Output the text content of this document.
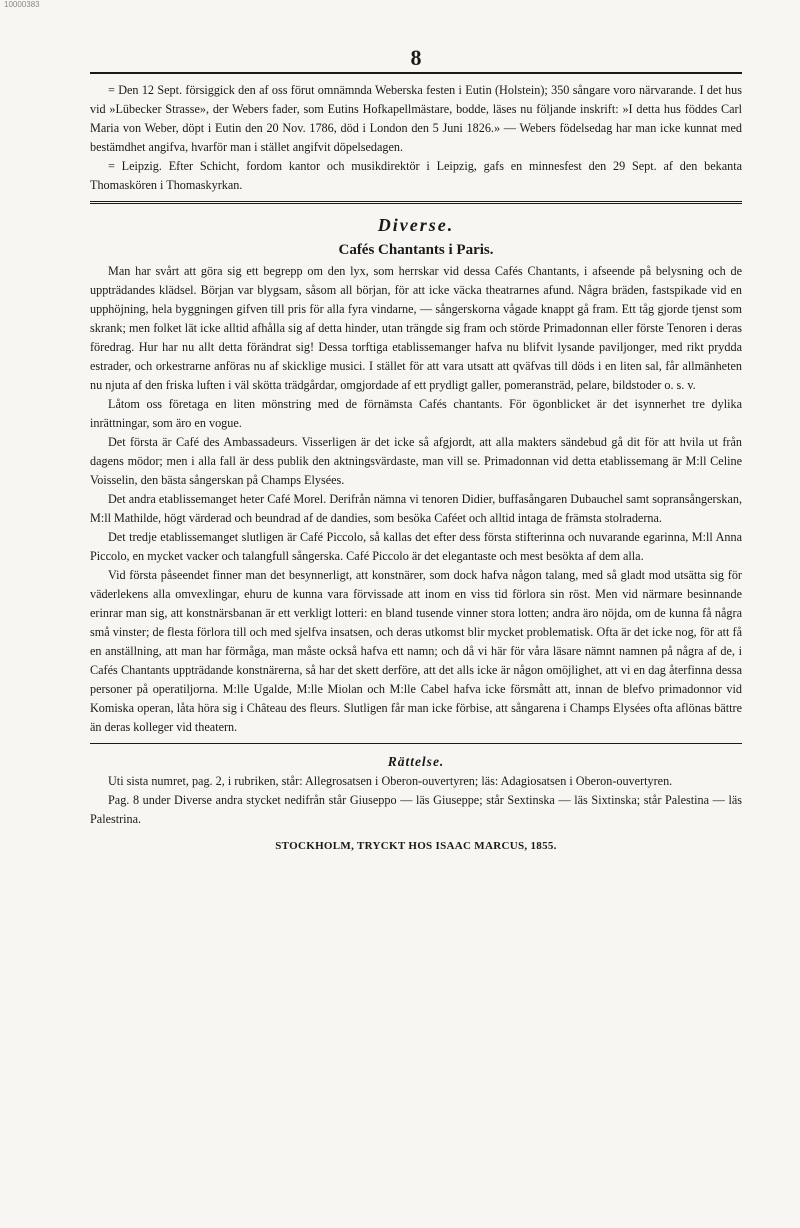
10000383
8

= Den 12 Sept. försiggick den af oss förut omnämnda Weberska festen i Eutin (Holstein); 350 sångare voro närvarande. I det hus vid »Lübecker Strasse», der Webers fader, som Eutins Hofkapellmästare, bodde, läses nu följande inskrift: »I detta hus föddes Carl Maria von Weber, döpt i Eutin den 20 Nov. 1786, död i London den 5 Juni 1826.» — Webers födelsedag har man icke kunnat med bestämdhet angifva, hvarför man i stället angifvit döpelsedagen.

= Leipzig. Efter Schicht, fordom kantor och musikdirektör i Leipzig, gafs en minnesfest den 29 Sept. af den bekanta Thomaskören i Thomaskyrkan.

Diverse.
Cafés Chantants i Paris.

Man har svårt att göra sig ett begrepp om den lyx, som herrskar vid dessa Cafés Chantants, i afseende på belysning och de uppträdandes klädsel. Början var blygsam, såsom all början, för att icke väcka theatrarnes afund. Några bräden, fastspikade vid en upphöjning, hela byggningen gifven till pris för alla fyra vindarne, — sångerskorna vågade knappt gå fram. Ett tåg gjorde tjenst som skrank; men folket lät icke alltid afhålla sig af detta hinder, utan trängde sig fram och störde Primadonnan eller förste Tenoren i deras föredrag. Hur har nu allt detta förändrat sig! Dessa torftiga etablissemanger hafva nu blifvit lysande paviljonger, med rikt prydda estrader, och orkestrarne anföras nu af skicklige musici. I stället för att vara utsatt att qväfvas till döds i en liten sal, får allmänheten nu njuta af den friska luften i väl skötta trädgårdar, omgjordade af ett prydligt galler, pomeransträd, pelare, bildstoder o. s. v.

Låtom oss företaga en liten mönstring med de förnämsta Cafés chantants. För ögonblicket är det isynnerhet tre dylika inrättningar, som äro en vogue.

Det första är Café des Ambassadeurs. Visserligen är det icke så afgjordt, att alla makters sändebud gå dit för att hvila ut från dagens mödor; men i alla fall är dess publik den aktningsvärdaste, man vill se. Primadonnan vid detta etablissemang är M:ll Celine Voisselin, den bästa sångerskan på Champs Elysées.

Det andra etablissemanget heter Café Morel. Derifrån nämna vi tenoren Didier, buffasångaren Dubauchel samt sopransångerskan, M:ll Mathilde, högt värderad och beundrad af de dandies, som besöka Caféet och alltid intaga de främsta stolraderna.

Det tredje etablissemanget slutligen är Café Piccolo, så kallas det efter dess första stifterinna och nuvarande egarinna, M:ll Anna Piccolo, en mycket vacker och talangfull sångerska. Café Piccolo är det elegantaste och mest besökta af dem alla.

Vid första påseendet finner man det besynnerligt, att konstnärer, som dock hafva någon talang, med så gladt mod utsätta sig för väderlekens alla omvexlingar, ehuru de kunna vara förvissade att inom en viss tid förlora sin röst. Men vid närmare besinnande erinrar man sig, att konstnärsbanan är ett verkligt lotteri: en bland tusende vinner stora lotten; andra äro nöjda, om de kunna få några små vinster; de flesta förlora till och med sjelfva insatsen, och deras utkomst blir mycket problematisk. Ofta är det icke nog, för att få en anställning, att man har förmåga, man måste också hafva ett namn; och då vi här för våra läsare nämnt namnen på några af de, i Cafés Chantants uppträdande konstnärerna, så har det skett derföre, att det alls icke är någon omöjlighet, att vi en dag återfinna dessa personer på operatiljorna. M:lle Ugalde, M:lle Miolan och M:lle Cabel hafva icke försmått att, innan de blefvo primadonnor vid Komiska operan, låta höra sig i Château des fleurs. Slutligen får man icke förbise, att sångarena i Champs Elysées ofta aflönas bättre än deras kolleger vid theatern.

Rättelse.

Uti sista numret, pag. 2, i rubriken, står: Allegrosatsen i Oberon-ouvertyren; läs: Adagiosatsen i Oberon-ouvertyren.

Pag. 8 under Diverse andra stycket nedifrån står Giuseppo — läs Giuseppe; står Sextinska — läs Sixtinska; står Palestina — läs Palestrina.

STOCKHOLM, TRYCKT HOS ISAAC MARCUS, 1855.
